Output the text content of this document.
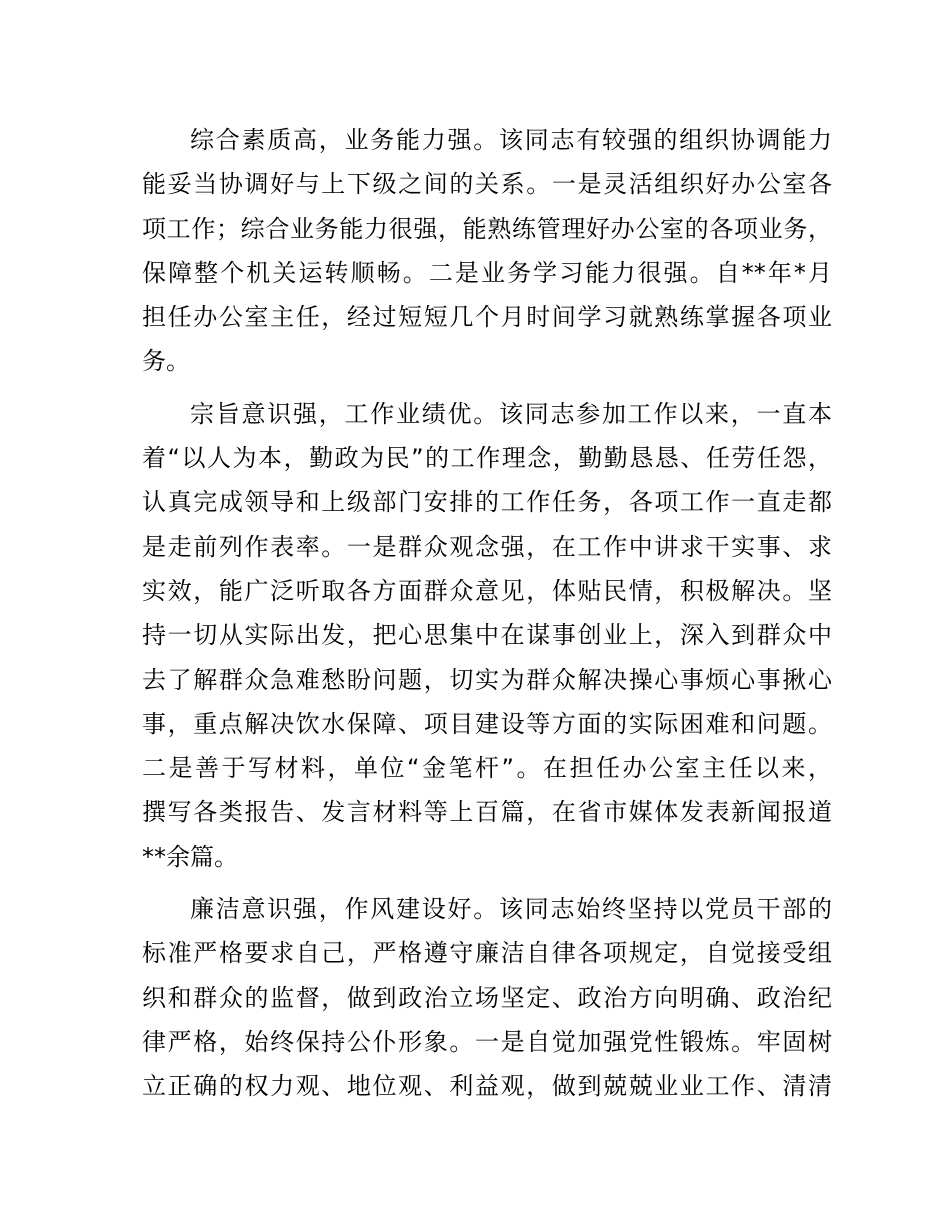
综合素质高，业务能力强。该同志有较强的组织协调能力
能妥当协调好与上下级之间的关系。一是灵活组织好办公室各
项工作；综合业务能力很强，能熟练管理好办公室的各项业务，
保障整个机关运转顺畅。二是业务学习能力很强。自**年*月
担任办公室主任，经过短短几个月时间学习就熟练掌握各项业
务。

宗旨意识强，工作业绩优。该同志参加工作以来，一直本
着“以人为本，勤政为民”的工作理念，勤勤恳恳、任劳任怨，
认真完成领导和上级部门安排的工作任务，各项工作一直走都
是走前列作表率。一是群众观念强，在工作中讲求干实事、求
实效，能广泛听取各方面群众意见，体贴民情，积极解决。坚
持一切从实际出发，把心思集中在谋事创业上，深入到群众中
去了解群众急难愁盼问题，切实为群众解决操心事烦心事揪心
事，重点解决饮水保障、项目建设等方面的实际困难和问题。
二是善于写材料，单位“金笔杆”。在担任办公室主任以来，
撰写各类报告、发言材料等上百篇，在省市媒体发表新闻报道
**余篇。

廉洁意识强，作风建设好。该同志始终坚持以党员干部的
标准严格要求自己，严格遵守廉洁自律各项规定，自觉接受组
织和群众的监督，做到政治立场坚定、政治方向明确、政治纪
律严格，始终保持公仆形象。一是自觉加强党性锻炼。牢固树
立正确的权力观、地位观、利益观，做到兢兢业业工作、清清
